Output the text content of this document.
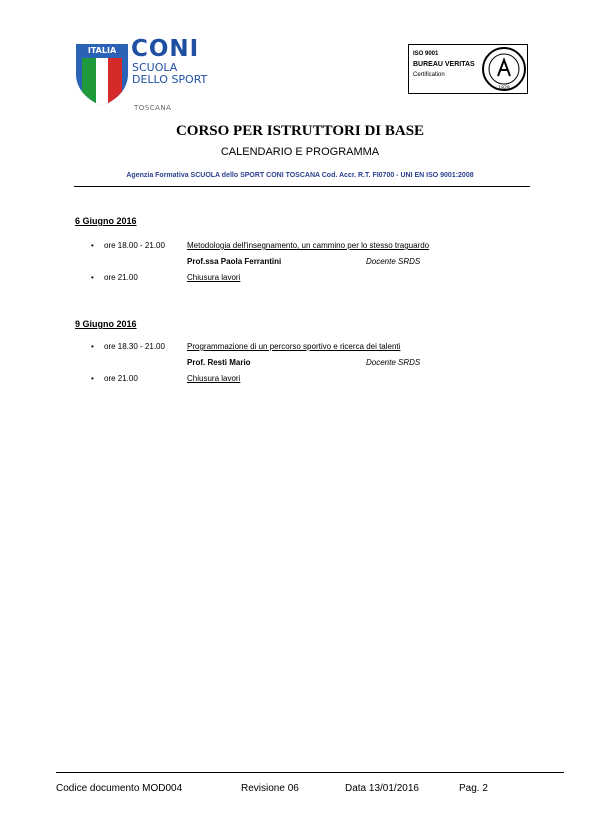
ITALIA CONI
SCUOLA
DELLO SPORT
TOSCANA
ISO 9001
BUREAU VERITAS
Certification
1828
CORSO PER ISTRUTTORI DI BASE
CALENDARIO E PROGRAMMA
Agenzia Formativa SCUOLA dello SPORT CONI TOSCANA Cod. Accr. R.T. FI0700 - UNI EN ISO 9001:2008
6 Giugno 2016
• ore 18.00 - 21.00	Metodologia dell'insegnamento, un cammino per lo stesso traguardo
Prof.ssa Paola Ferrantini	Docente SRDS
• ore 21.00	Chiusura lavori
9 Giugno 2016
• ore 18.30 - 21.00	Programmazione di un percorso sportivo e ricerca dei talenti
Prof. Resti Mario	Docente SRDS
• ore 21.00	Chiusura lavori
Codice documento MOD004	Revisione 06	Data 13/01/2016	Pag. 2
